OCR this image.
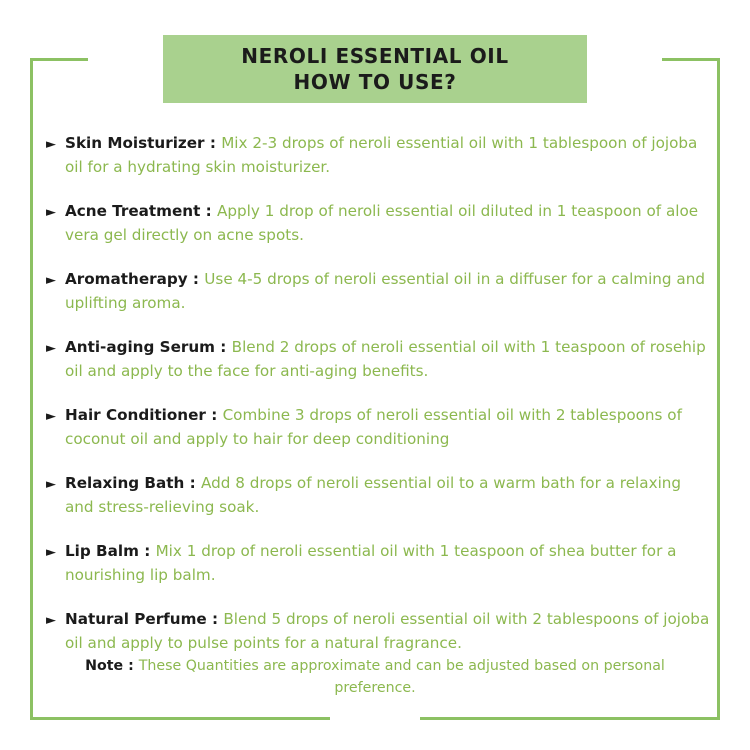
NEROLI ESSENTIAL OIL
HOW TO USE?
► Skin Moisturizer : Mix 2-3 drops of neroli essential oil with 1 tablespoon of jojoba oil for a hydrating skin moisturizer.
► Acne Treatment : Apply 1 drop of neroli essential oil diluted in 1 teaspoon of aloe vera gel directly on acne spots.
► Aromatherapy : Use 4-5 drops of neroli essential oil in a diffuser for a calming and uplifting aroma.
► Anti-aging Serum : Blend 2 drops of neroli essential oil with 1 teaspoon of rosehip oil and apply to the face for anti-aging benefits.
► Hair Conditioner : Combine 3 drops of neroli essential oil with 2 tablespoons of coconut oil and apply to hair for deep conditioning
► Relaxing Bath : Add 8 drops of neroli essential oil to a warm bath for a relaxing and stress-relieving soak.
► Lip Balm : Mix 1 drop of neroli essential oil with 1 teaspoon of shea butter for a nourishing lip balm.
► Natural Perfume : Blend 5 drops of neroli essential oil with 2 tablespoons of jojoba oil and apply to pulse points for a natural fragrance.
Note : These Quantities are approximate and can be adjusted based on personal preference.
